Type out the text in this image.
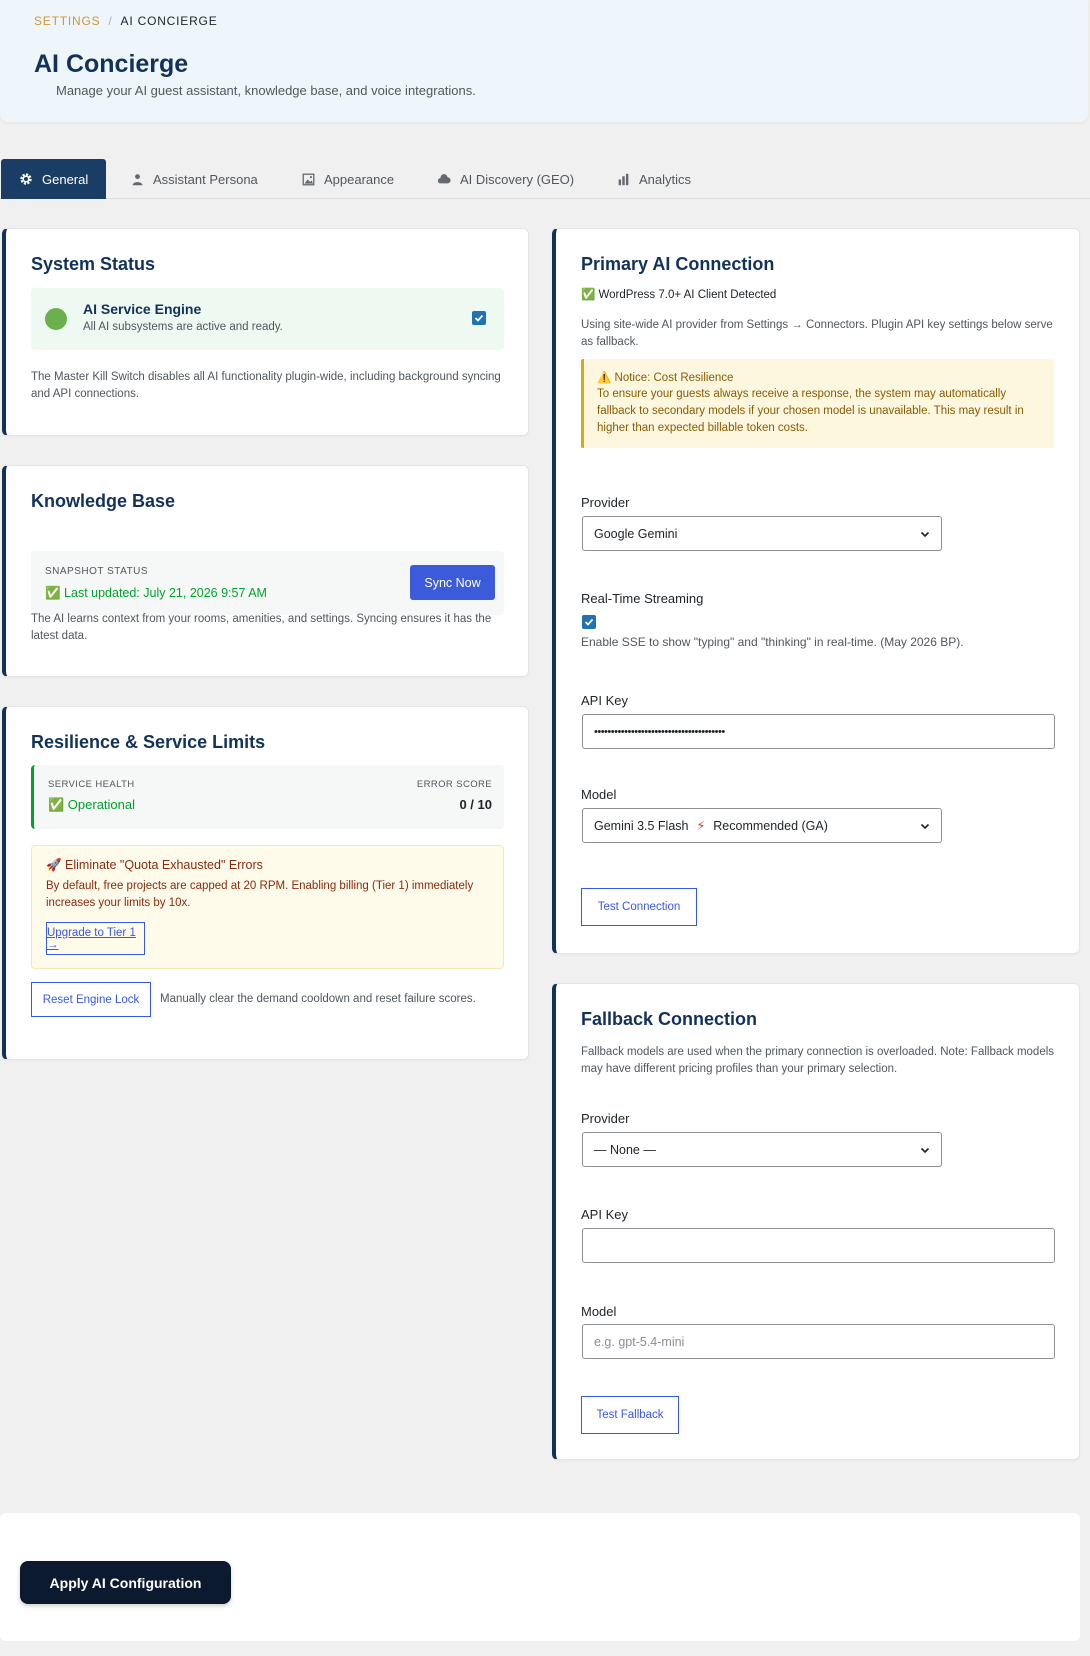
SETTINGS / AI CONCIERGE
AI Concierge
Manage your AI guest assistant, knowledge base, and voice integrations.
General	Assistant Persona	Appearance	AI Discovery (GEO)	Analytics
System Status
AI Service Engine
All AI subsystems are active and ready.
The Master Kill Switch disables all AI functionality plugin-wide, including background syncing and API connections.
Knowledge Base
SNAPSHOT STATUS
✅ Last updated: July 21, 2026 9:57 AM
Sync Now
The AI learns context from your rooms, amenities, and settings. Syncing ensures it has the latest data.
Resilience & Service Limits
SERVICE HEALTH
✅ Operational
ERROR SCORE
0 / 10
🚀 Eliminate "Quota Exhausted" Errors
By default, free projects are capped at 20 RPM. Enabling billing (Tier 1) immediately increases your limits by 10x.
Upgrade to Tier 1 →
Reset Engine Lock	Manually clear the demand cooldown and reset failure scores.
Primary AI Connection
✅ WordPress 7.0+ AI Client Detected
Using site-wide AI provider from Settings → Connectors. Plugin API key settings below serve as fallback.
⚠️ Notice: Cost Resilience
To ensure your guests always receive a response, the system may automatically fallback to secondary models if your chosen model is unavailable. This may result in higher than expected billable token costs.
Provider
Google Gemini
Real-Time Streaming
Enable SSE to show "typing" and "thinking" in real-time. (May 2026 BP).
API Key
•••••••••••••••••••••••••••••••••••••••
Model
Gemini 3.5 Flash ⚡ Recommended (GA)
Test Connection
Fallback Connection
Fallback models are used when the primary connection is overloaded. Note: Fallback models may have different pricing profiles than your primary selection.
Provider
— None —
API Key
Model
e.g. gpt-5.4-mini
Test Fallback
Apply AI Configuration
